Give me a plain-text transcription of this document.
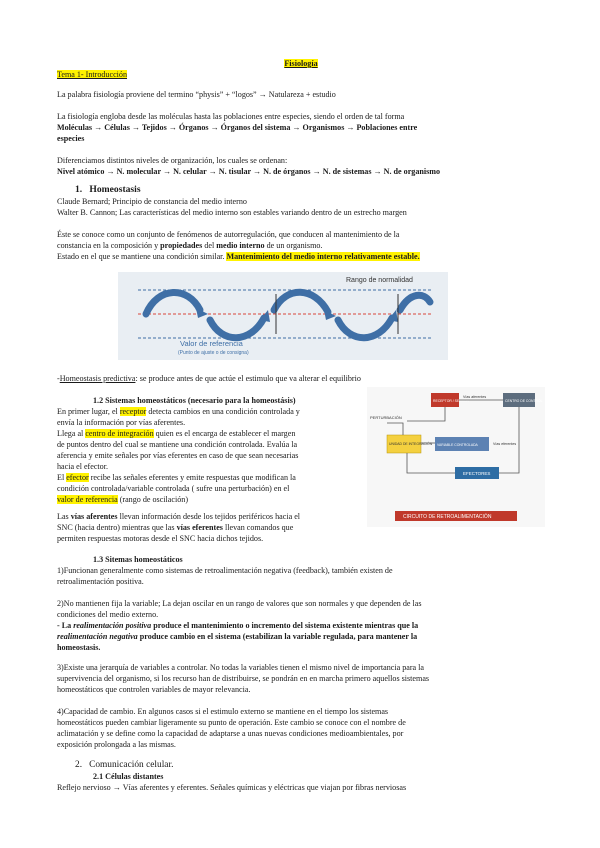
Fisiología
Tema 1- Introducción

La palabra fisiología proviene del termino “physis” + “logos” → Natulareza + estudio

La fisiología engloba desde las moléculas hasta las poblaciones entre especies, siendo el orden de tal forma

Moléculas → Células → Tejidos → Órganos → Órganos del sistema → Organismos → Poblaciones entre

especies

Diferenciamos distintos niveles de organización, los cuales se ordenan:

Nivel atómico → N. molecular → N. celular → N. tisular → N. de órganos → N. de sistemas → N. de organismo

1. Homeostasis

Claude Bernard; Principio de constancia del medio interno

Walter B. Cannon; Las características del medio interno son estables variando dentro de un estrecho margen

Éste se conoce como un conjunto de fenómenos de autorregulación, que conducen al mantenimiento de la

constancia en la composición y propiedades del medio interno de un organismo.

Estado en el que se mantiene una condición similar. Mantenimiento del medio interno relativamente estable.

Rango de normalidad
Valor de referencia
(Punto de ajuste o de consigna)

-Homeostasis predictiva: se produce antes de que actúe el estimulo que va alterar el equilibrio

1.2 Sistemas homeostáticos (necesario para la homeostásis)

En primer lugar, el receptor detecta cambios en una condición controlada y

envía la información por vías aferentes.

Llega al centro de integración quien es el encarga de establecer el margen

de puntos dentro del cual se mantiene una condición controlada. Evalúa la

aferencia y emite señales por vías eferentes en caso de que sean necesarias

hacia el efector.

El efector recibe las señales eferentes y emite respuestas que modifican la

condición controlada/variable controlada ( sufre una perturbación) en el

valor de referencia (rango de oscilación)

Las vías aferentes llevan información desde los tejidos periféricos hacia el

SNC (hacia dentro) mientras que las vías eferentes llevan comandos que

permiten respuestas motoras desde el SNC hacia dichos tejidos.

PERTURBACIÓN
RECEPTOR / SENSOR
Vías aferentes
CENTRO DE CONTROL
UNIDAD DE INTEGRACIÓN VARIABLE CONTROLADA	Vías eferentes
EFECTORES
CIRCUITO DE RETROALIMENTACIÓN
1.3 Sitemas homeostáticos

1)Funcionan generalmente como sistemas de retroalimentación negativa (feedback), también existen de

retroalimentación positiva.

2)No mantienen fija la variable; La dejan oscilar en un rango de valores que son normales y que dependen de las

condiciones del medio externo.

- La realimentación positiva produce el mantenimiento o incremento del sistema existente mientras que la

realimentación negativa produce cambio en el sistema (estabilizan la variable regulada, para mantener la

homeostasis.

3)Existe una jerarquía de variables a controlar. No todas la variables tienen el mismo nivel de importancia para la

supervivencia del organismo, si los recurso han de distribuirse, se pondrán en en marcha primero aquellos sistemas

homeostáticos que controlen variables de mayor relevancia.

4)Capacidad de cambio. En algunos casos si el estimulo externo se mantiene en el tiempo los sistemas

homeostáticos pueden cambiar ligeramente su punto de operación. Este cambio se conoce con el nombre de

aclimatación y se define como la capacidad de adaptarse a unas nuevas condiciones medioambientales, por

exposición prolongada a las mismas.

2. Comunicación celular.
2.1 Células distantes

Reflejo nervioso → Vías aferentes y eferentes. Señales químicas y eléctricas que viajan por fibras nerviosas
